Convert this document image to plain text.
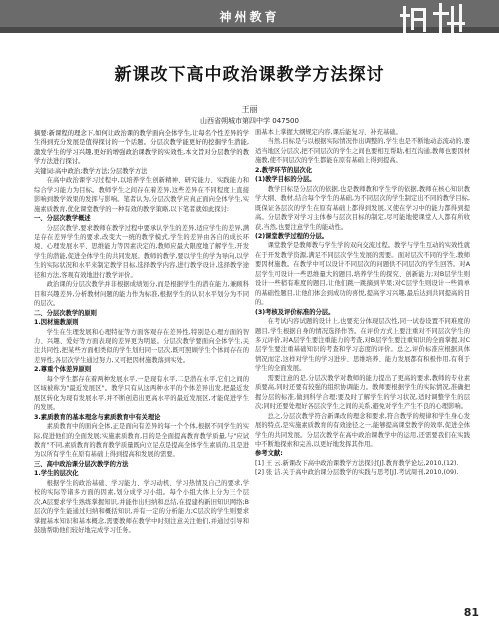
神州教育
新课改下高中政治课教学方法探讨
王丽
山西省朔城市第四中学 047500

摘要:新课程的理念下,如何让政治课的教学面向全体学生,让每名个性差异的学生得到充分发展是值得探讨的一个话题。分层次教学能更好的挖掘学生潜能,激发学生的学习兴趣,更好的增强政治课教学的实效性,本文旨对分层教学的教学方法进行探讨。

关键词:高中政治;教学方法;分层教学方法

在高中政治课学习过程中,以培养学生创新精神、研究能力、实践能力和综合学习能力为目标。教师学生之间存在着差异,这些差异在不同程度上直接影响到教学效果的发挥与影响。笔者认为,分层次教学应真正面向全体学生,实施素质教育,优化课堂教学的一种有效的教学策略,以下笔者就如此探讨:

一、分层次教学概述

分层次教学,要求教师在教学过程中要承认学生的差异,适应学生的差异,满足存在差异学生的要求,改变大一统的教学模式,学生的差异由各自的成长环境、心理发展水平、思维能力等因素决定的,教师应最大限度地了解学生,开发学生的潜能,促进全体学生的共同发展。教师的教学,要以学生的学为导向,以学生的实际状况和水平来制定教学目标,选择教学内容,进行教学设计,选择教学途径和方法,客观有效地进行教学评价。

政治课的分层次教学并非根据成绩划分,而是根据学生的潜在能力,兼顾科目和兴趣差异,分析教材问题的能力作为标准,根据学生的认识水平划分为不同的层次。

二、分层次教学的原则

1.因材施教原则

学生在生理发展和心理特征等方面客观存在差异性,特别是心理方面的智力、兴趣、爱好等方面表现的差异更为明显。分层次教学要面向全体学生,关注共同性,把某些方面相类似的学生划归同一层次,既可照顾学生个体间存在的差异性,各层次学生通过努力,又可把因材施教落到实处。

2.尊重个体差异原则

每个学生都存在着两种发展水平,一是现有水平,二是潜在水平,它们之间的区域被称为"最近发展区"。教学只有从这两种水平的个体差异出发,把最近发展区转化为现有发展水平,并不断创造出更高水平的最近发展区,才能促进学生的发展。

3.素质教育的基本理念与素质教育中有关理论

素质教育中的面向全体,正是面向有差异的每一个个体,根据不同学生的实际,促进他们的全面发展;实施素质教育,目的是全面提高教育教学质量,与"应试教育"不同,素质教育的教育教学质量既向立足点是提高全体学生素质的,且是进为以所有学生在原有基础上得到提高和发展的需要。

三、高中政治课分层次教学的方法

1.学生的层次化

根据学生的政治基础、学习能力、学习动机、学习热情及自己的要求,学校的实际等诸多方面的因素,划分成学习小组。每个小组大体上分为三个层次,A层要求学生熟练掌握知识,并能作出归纳和总结,在提建构新旧知识网络;B层次的学生能通过归纳和概括知识,并有一定的分析能力;C层次的学生则要求掌握基本知识和基本概念,需要教师在教学中时刻注意关注他们,并通过引导和鼓励帮助他们较好地完成学习任务。

面基本上掌握大纲规定内容,课后能复习、补充基础。

当然,目标是与以根据实际情况作出调整的,学生也是不断地动态流动的,要适当地区分层次,把不同层次的学生之间也要相互帮助,相互沟通,教师也要因材施教,使不同层次的学生都能在原有基础上得到提高。

2.教学环节的层次化

(1)教学目标的分层。

教学目标是分层次的依据,也是教师教和学生学的依据,教师在核心知识教学大纲、教材,结合每个学生的基础,为不同层次的学生制定出不同的教学目标,既保证各层次的学生在原有基础上都得到发展,又使在学习中的能力都得到提高。分层教学对学习主体参与层次目标的制定,尽可能地使课堂人人都有所收获,当然,也要注意学生的能动性。

(2)课堂教学过程的分层。

课堂教学是教师教与学生学的双向交流过程。教学与学生互动的实效性就在于开发教学资源,满足不同层次学生发展的需要。面对层次不同的学生,教师要因材施教。在教学中可以设计不同层次的问题供不同层次的学生回答。对A层学生可设计一些思维量大的题目,培养学生的探究、创新能力;对B层学生则设计一些稍有难度的题目,让他们跳一跳摘到苹果;对C层学生则设计一些简单的基础性题目,让他们体会到成功的喜悦,提高学习兴趣,最后达到共同提高的目的。

(3)考核及评价标准的分层。

在考试内容试题的设计上,也要充分体现层次性,同一试卷设置不同难度的题目,学生根据自身的情况选择作答。在评价方式上要注重对不同层次学生的多元评价,对A层学生要注重能力的考查,对B层学生要注重知识的全面掌握,对C层学生要注重基础知识的考查和学习态度的评价。总之,评价标准应根据具体情况而定,这样对学生的学习进步、思维培养、能力发展都有积极作用,有利于学生的全面发展。

需要注意的是,分层次教学对教师的能力提出了更高的要求,教师的专业素质要高,同时还要有较强的组织协调能力。教师要根据学生的实际情况,准确把握分层的标准,做到科学合理;要及时了解学生的学习状况,适时调整学生的层次;同时还要处理好各层次学生之间的关系,避免对学生产生不良的心理影响。

总之,分层次教学符合新课改的理念和要求,符合教学的规律和学生身心发展的特点,是实施素质教育的有效途径之一,能够提高课堂教学的效率,促进全体学生的共同发展。分层次教学在高中政治课教学中的运用,还需要我们在实践中不断地探索和完善,以更好地发挥其作用。

参考文献:

[1] 王 云.新课改下高中政治课教学方法探讨[J].教育教学论坛,2010,(12).

[2] 张 洁.关于高中政治课分层教学的实践与思考[J].考试周刊,2010,(09).

81
